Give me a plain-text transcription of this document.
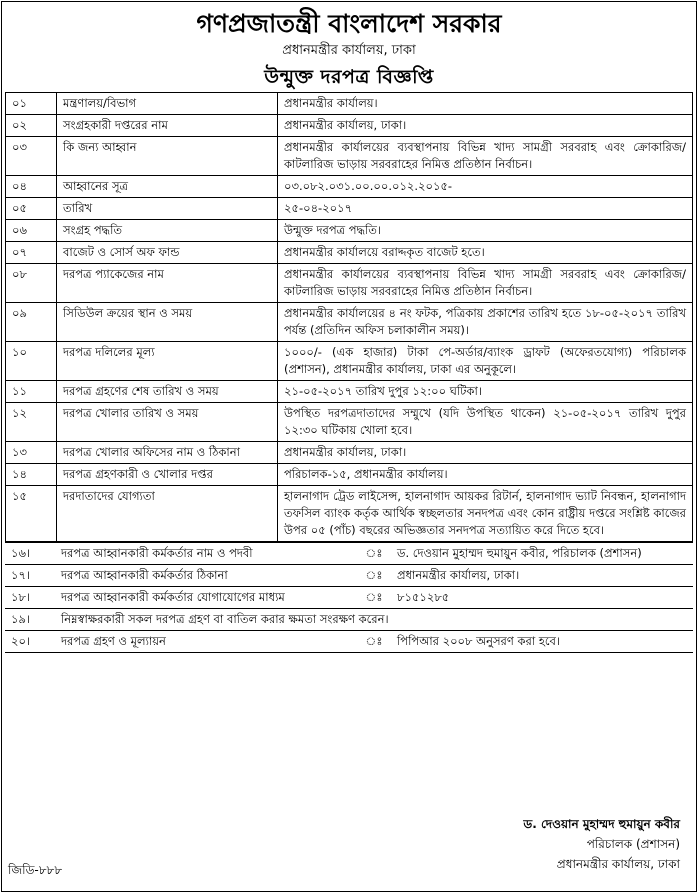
গণপ্রজাতন্ত্রী বাংলাদেশ সরকার
প্রধানমন্ত্রীর কার্যালয়, ঢাকা
উন্মুক্ত দরপত্র বিজ্ঞপ্তি
০১	মন্ত্রণালয়/বিভাগ	প্রধানমন্ত্রীর কার্যালয়।
০২	সংগ্রহকারী দপ্তরের নাম	প্রধানমন্ত্রীর কার্যালয়, ঢাকা।
০৩	কি জন্য আহ্বান	প্রধানমন্ত্রীর কার্যালয়ের ব্যবস্থাপনায় বিভিন্ন খাদ্য সামগ্রী সরবরাহ এবং ক্রোকারিজ/কাটলারিজ ভাড়ায় সরবরাহের নিমিত্ত প্রতিষ্ঠান নির্বাচন।
০৪	আহ্বানের সূত্র	০৩.০৮২.০৩১.০০.০০.০১২.২০১৫-
০৫	তারিখ	২৫-০৪-২০১৭
০৬	সংগ্রহ পদ্ধতি	উন্মুক্ত দরপত্র পদ্ধতি।
০৭	বাজেট ও সোর্স অফ ফান্ড	প্রধানমন্ত্রীর কার্যালয়ে বরাদ্দকৃত বাজেট হতে।
০৮	দরপত্র প্যাকেজের নাম	প্রধানমন্ত্রীর কার্যালয়ের ব্যবস্থাপনায় বিভিন্ন খাদ্য সামগ্রী সরবরাহ এবং ক্রোকারিজ/কাটলারিজ ভাড়ায় সরবরাহের নিমিত্ত প্রতিষ্ঠান নির্বাচন।
০৯	সিডিউল ক্রয়ের স্থান ও সময়	প্রধানমন্ত্রীর কার্যালয়ের ৪ নং ফটক, পত্রিকায় প্রকাশের তারিখ হতে ১৮-০৫-২০১৭ তারিখ পর্যন্ত (প্রতিদিন অফিস চলাকালীন সময়)।
১০	দরপত্র দলিলের মূল্য	১০০০/- (এক হাজার) টাকা পে-অর্ডার/ব্যাংক ড্রাফট (অফেরতযোগ্য) পরিচালক (প্রশাসন), প্রধানমন্ত্রীর কার্যালয়, ঢাকা এর অনুকূলে।
১১	দরপত্র গ্রহণের শেষ তারিখ ও সময়	২১-০৫-২০১৭ তারিখ দুপুর ১২:০০ ঘটিকা।
১২	দরপত্র খোলার তারিখ ও সময়	উপস্থিত দরপত্রদাতাদের সম্মুখে (যদি উপস্থিত থাকেন) ২১-০৫-২০১৭ তারিখ দুপুর ১২:৩০ ঘটিকায় খোলা হবে।
১৩	দরপত্র খোলার অফিসের নাম ও ঠিকানা	প্রধানমন্ত্রীর কার্যালয়, ঢাকা।
১৪	দরপত্র গ্রহণকারী ও খোলার দপ্তর	পরিচালক-১৫, প্রধানমন্ত্রীর কার্যালয়।
১৫	দরদাতাদের যোগ্যতা	হালনাগাদ ট্রেড লাইসেন্স, হালনাগাদ আয়কর রিটার্ন, হালনাগাদ ভ্যাট নিবন্ধন, হালনাগাদ তফসিল ব্যাংক কর্তৃক আর্থিক স্বচ্ছলতার সনদপত্র এবং কোন রাষ্ট্রীয় দপ্তরে সংশ্লিষ্ট কাজের উপর ০৫ (পাঁচ) বছরের অভিজ্ঞতার সনদপত্র সত্যায়িত করে দিতে হবে।
১৬।	দরপত্র আহ্বানকারী কর্মকর্তার নাম ও পদবী	ঃ	ড. দেওয়ান মুহাম্মদ হুমায়ুন কবীর, পরিচালক (প্রশাসন)
১৭।	দরপত্র আহ্বানকারী কর্মকর্তার ঠিকানা	ঃ	প্রধানমন্ত্রীর কার্যালয়, ঢাকা।
১৮।	দরপত্র আহ্বানকারী কর্মকর্তার যোগাযোগের মাধ্যম	ঃ	৮১৫১২৮৫
১৯।	নিম্নস্বাক্ষরকারী সকল দরপত্র গ্রহণ বা বাতিল করার ক্ষমতা সংরক্ষণ করেন।		
২০।	দরপত্র গ্রহণ ও মূল্যায়ন	ঃ	পিপিআর ২০০৮ অনুসরণ করা হবে।
ড. দেওয়ান মুহাম্মদ হুমায়ুন কবীর
পরিচালক (প্রশাসন)
প্রধানমন্ত্রীর কার্যালয়, ঢাকা
জিডি-৮৮৮
